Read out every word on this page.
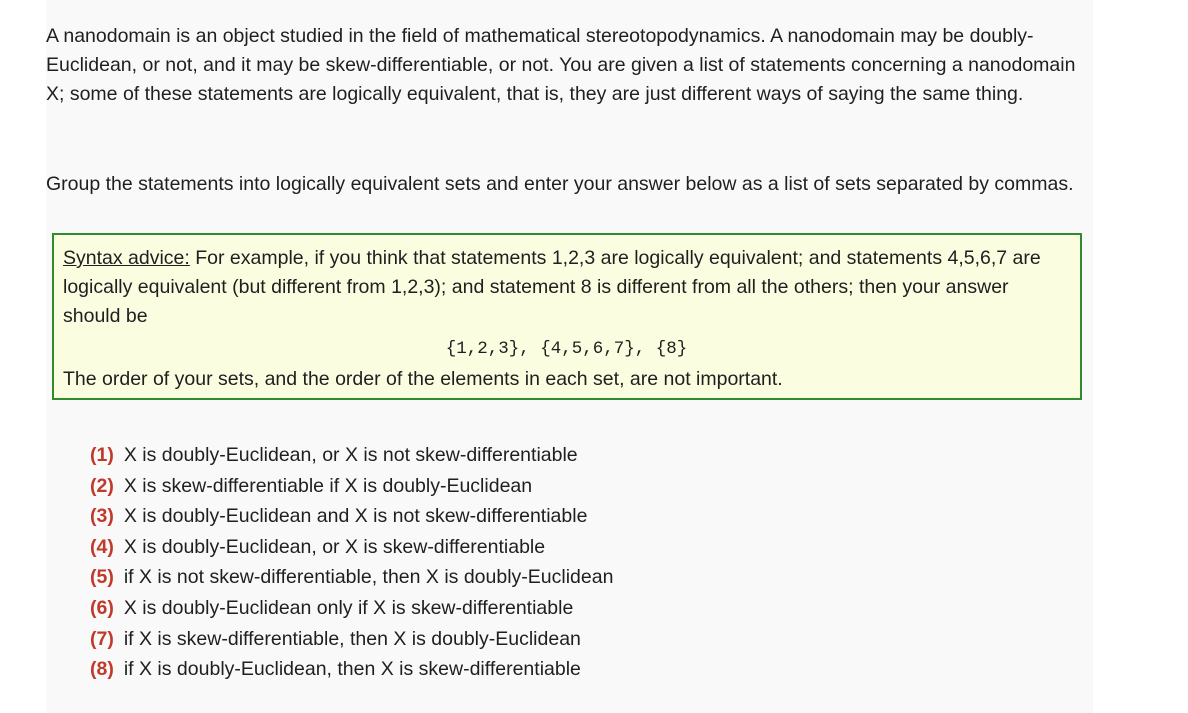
A nanodomain is an object studied in the field of mathematical stereotopodynamics. A nanodomain may be doubly-Euclidean, or not, and it may be skew-differentiable, or not. You are given a list of statements concerning a nanodomain X; some of these statements are logically equivalent, that is, they are just different ways of saying the same thing.

Group the statements into logically equivalent sets and enter your answer below as a list of sets separated by commas.

Syntax advice: For example, if you think that statements 1,2,3 are logically equivalent; and statements 4,5,6,7 are logically equivalent (but different from 1,2,3); and statement 8 is different from all the others; then your answer should be
{1,2,3}, {4,5,6,7}, {8}
The order of your sets, and the order of the elements in each set, are not important.
(1) X is doubly-Euclidean, or X is not skew-differentiable
(2) X is skew-differentiable if X is doubly-Euclidean
(3) X is doubly-Euclidean and X is not skew-differentiable
(4) X is doubly-Euclidean, or X is skew-differentiable
(5) if X is not skew-differentiable, then X is doubly-Euclidean
(6) X is doubly-Euclidean only if X is skew-differentiable
(7) if X is skew-differentiable, then X is doubly-Euclidean
(8) if X is doubly-Euclidean, then X is skew-differentiable
